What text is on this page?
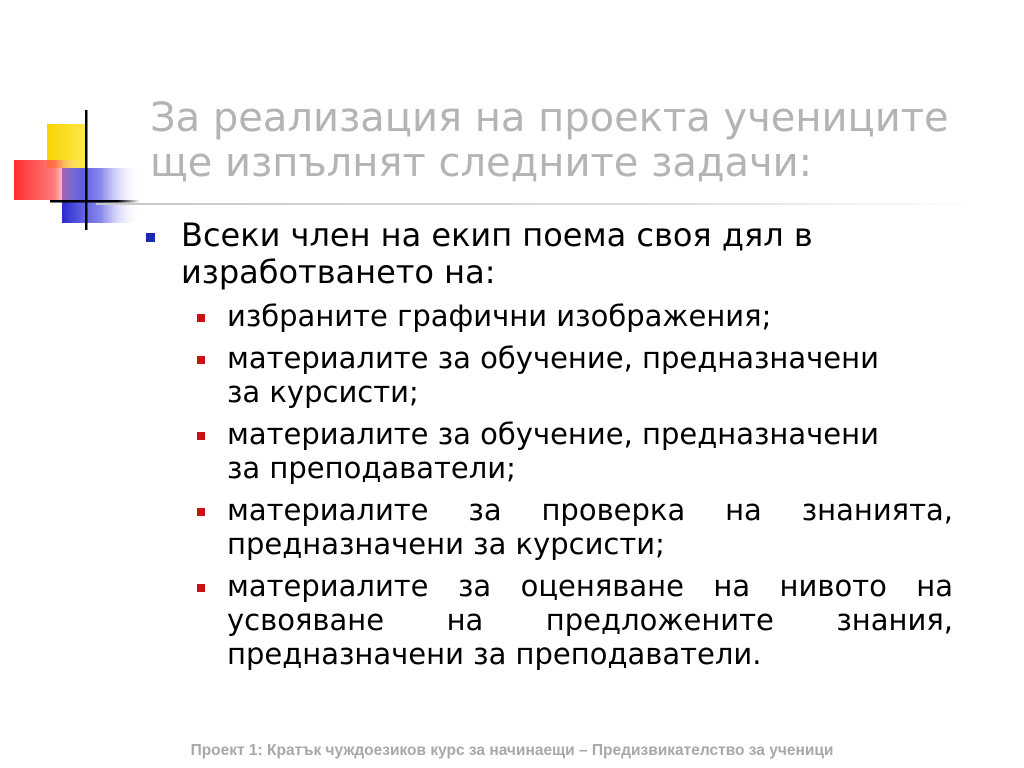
За реализация на проекта учениците
ще изпълнят следните задачи:
Всеки член на екип поема своя дял в
изработването на:
избраните графични изображения;
материалите за обучение, предназначени
за курсисти;
материалите за обучение, предназначени
за преподаватели;
материалите за проверка на знанията,
предназначени за курсисти;
материалите за оценяване на нивото на
усвояване на предложените знания,
предназначени за преподаватели.
Проект 1: Кратък чуждоезиков курс за начинаещи – Предизвикателство за ученици
